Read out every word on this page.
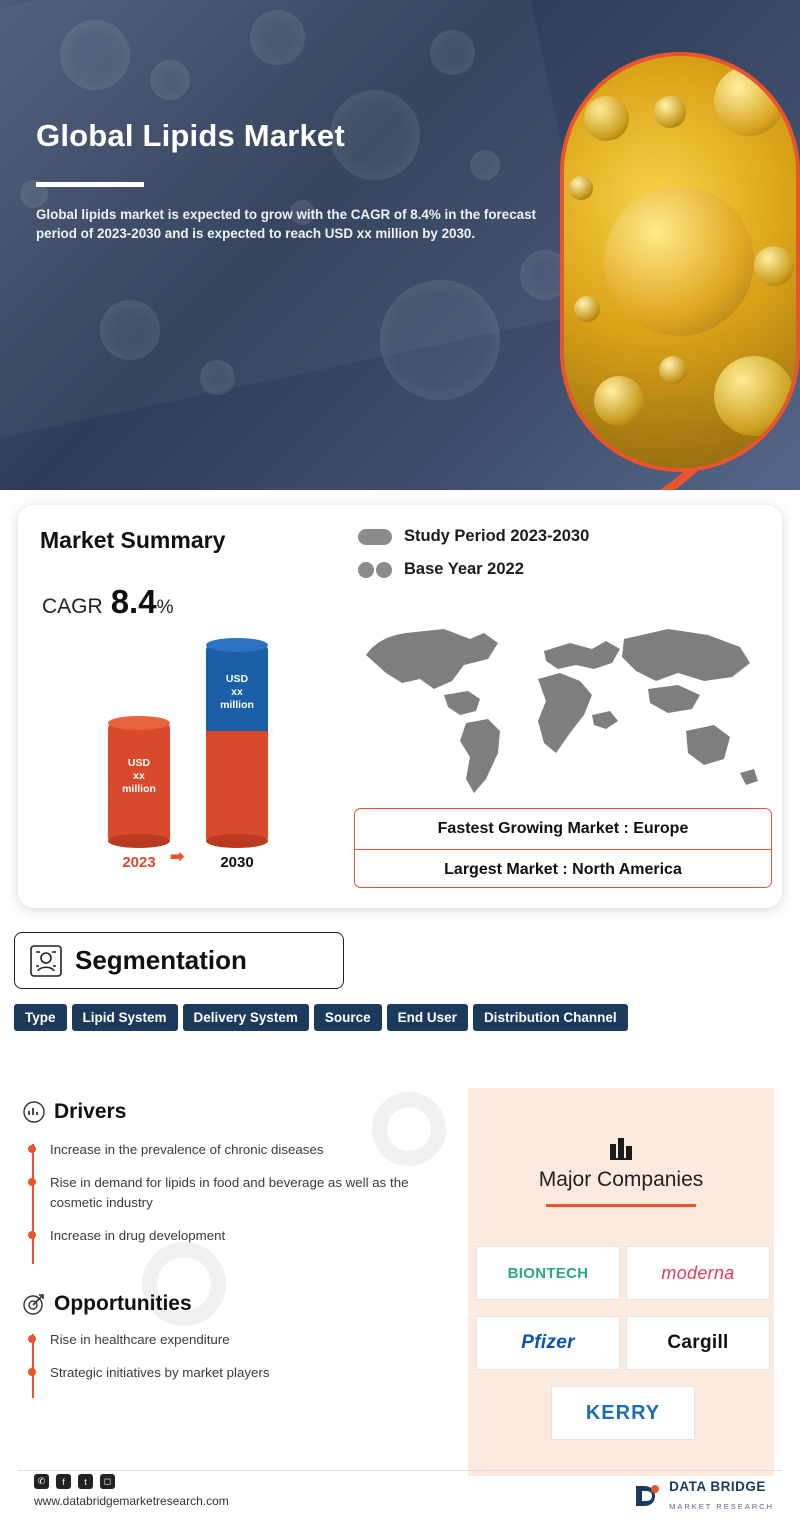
Global Lipids Market
Global lipids market is expected to grow with the CAGR of 8.4% in the forecast period of 2023-2030 and is expected to reach USD xx million by 2030.
Market Summary
CAGR 8.4 %
Study Period 2023-2030
Base Year 2022
USD
xx
million
2023 ➡
USD
xx
million
2030
Fastest Growing Market : Europe
Largest Market : North America
Segmentation
Type	Lipid System	Delivery System	Source	End User	Distribution Channel
Drivers
Increase in the prevalence of chronic diseases
Rise in demand for lipids in food and beverage as well as the cosmetic industry
Increase in drug development
Opportunities
Rise in healthcare expenditure
Strategic initiatives by market players
Major Companies
BIONTECH	moderna
Pfizer	Cargill
KERRY
✆	f	t	◻
www.databridgemarketresearch.com
DATA BRIDGE
MARKET RESEARCH
